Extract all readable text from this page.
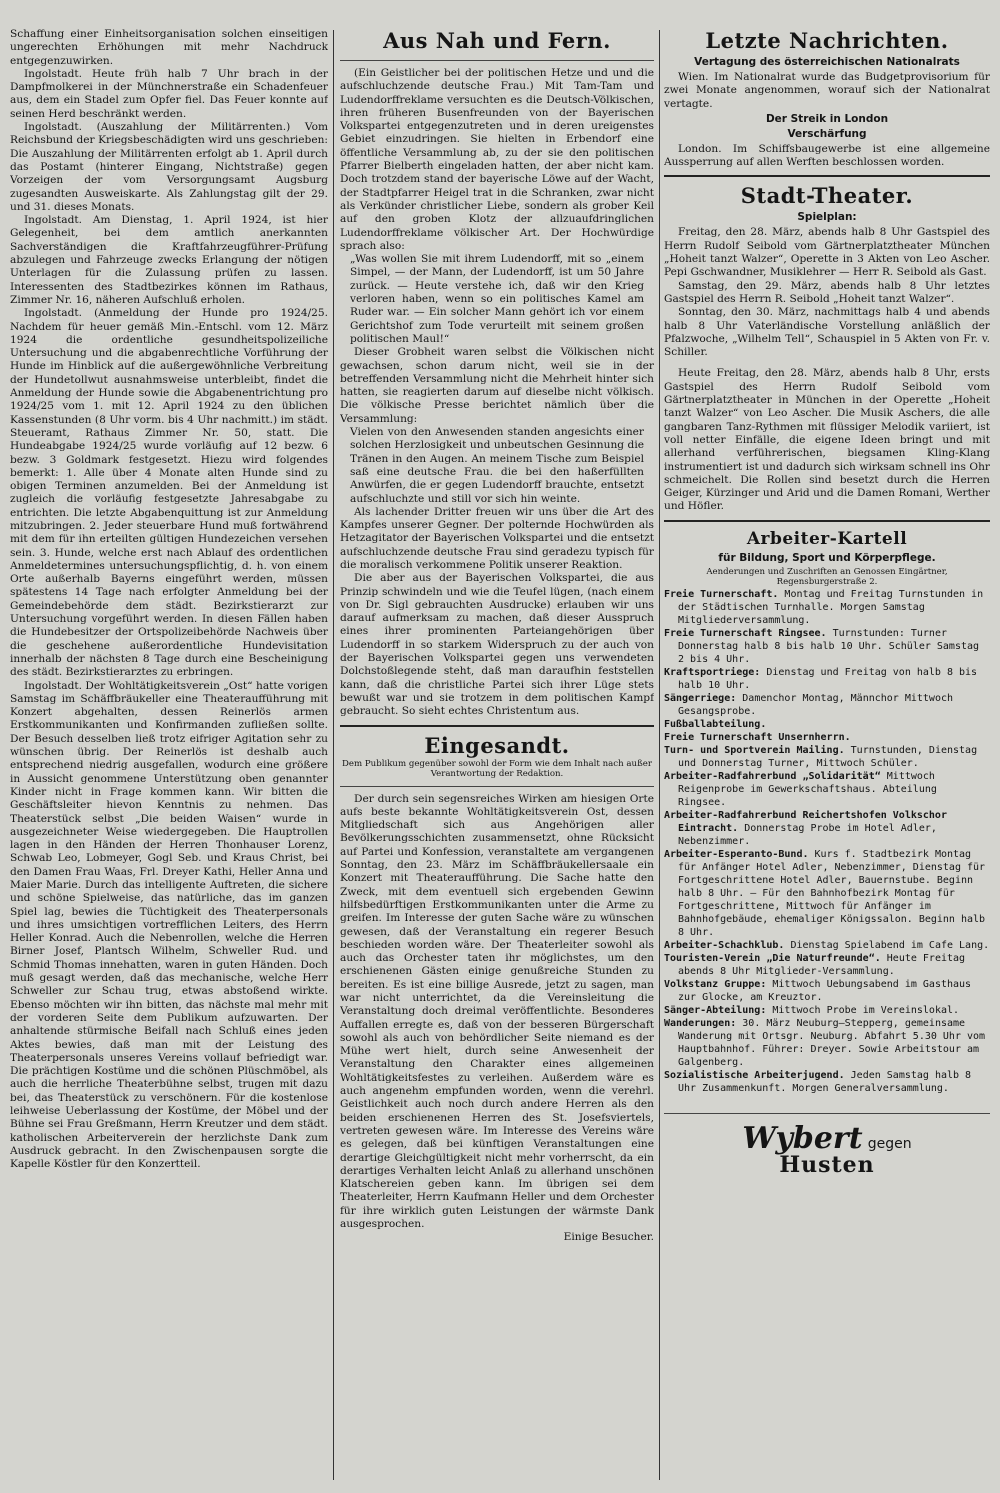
Schaffung einer Einheitsorganisation solchen einseitigen ungerechten Erhöhungen mit mehr Nachdruck entgegenzuwirken.

Ingolstadt. Heute früh halb 7 Uhr brach in der Dampfmolkerei in der Münchnerstraße ein Schadenfeuer aus, dem ein Stadel zum Opfer fiel. Das Feuer konnte auf seinen Herd beschränkt werden.

Ingolstadt. (Auszahlung der Militärrenten.) Vom Reichsbund der Kriegsbeschädigten wird uns geschrieben: Die Auszahlung der Militärrenten erfolgt ab 1. April durch das Postamt (hinterer Eingang, Nichtstraße) gegen Vorzeigen der vom Versorgungsamt Augsburg zugesandten Ausweiskarte. Als Zahlungstag gilt der 29. und 31. dieses Monats.

Ingolstadt. Am Dienstag, 1. April 1924, ist hier Gelegenheit, bei dem amtlich anerkannten Sachverständigen die Kraftfahrzeugführer-Prüfung abzulegen und Fahrzeuge zwecks Erlangung der nötigen Unterlagen für die Zulassung prüfen zu lassen. Interessenten des Stadtbezirkes können im Rathaus, Zimmer Nr. 16, näheren Aufschluß erholen.

Ingolstadt. (Anmeldung der Hunde pro 1924/25. Nachdem für heuer gemäß Min.-Entschl. vom 12. März 1924 die ordentliche gesundheitspolizeiliche Untersuchung und die abgabenrechtliche Vorführung der Hunde im Hinblick auf die außergewöhnliche Verbreitung der Hundetollwut ausnahmsweise unterbleibt, findet die Anmeldung der Hunde sowie die Abgabenentrichtung pro 1924/25 vom 1. mit 12. April 1924 zu den üblichen Kassenstunden (8 Uhr vorm. bis 4 Uhr nachmitt.) im städt. Steueramt, Rathaus Zimmer Nr. 50, statt. Die Hundeabgabe 1924/25 wurde vorläufig auf 12 bezw. 6 bezw. 3 Goldmark festgesetzt. Hiezu wird folgendes bemerkt: 1. Alle über 4 Monate alten Hunde sind zu obigen Terminen anzumelden. Bei der Anmeldung ist zugleich die vorläufig festgesetzte Jahresabgabe zu entrichten. Die letzte Abgabenquittung ist zur Anmeldung mitzubringen. 2. Jeder steuerbare Hund muß fortwährend mit dem für ihn erteilten gültigen Hundezeichen versehen sein. 3. Hunde, welche erst nach Ablauf des ordentlichen Anmeldetermines untersuchungspflichtig, d. h. von einem Orte außerhalb Bayerns eingeführt werden, müssen spätestens 14 Tage nach erfolgter Anmeldung bei der Gemeindebehörde dem städt. Bezirkstierarzt zur Untersuchung vorgeführt werden. In diesen Fällen haben die Hundebesitzer der Ortspolizeibehörde Nachweis über die geschehene außerordentliche Hundevisitation innerhalb der nächsten 8 Tage durch eine Bescheinigung des städt. Bezirkstierarztes zu erbringen.

Ingolstadt. Der Wohltätigkeitsverein „Ost“ hatte vorigen Samstag im Schäffbräukeller eine Theateraufführung mit Konzert abgehalten, dessen Reinerlös armen Erstkommunikanten und Konfirmanden zufließen sollte. Der Besuch desselben ließ trotz eifriger Agitation sehr zu wünschen übrig. Der Reinerlös ist deshalb auch entsprechend niedrig ausgefallen, wodurch eine größere in Aussicht genommene Unterstützung oben genannter Kinder nicht in Frage kommen kann. Wir bitten die Geschäftsleiter hievon Kenntnis zu nehmen. Das Theaterstück selbst „Die beiden Waisen“ wurde in ausgezeichneter Weise wiedergegeben. Die Hauptrollen lagen in den Händen der Herren Thonhauser Lorenz, Schwab Leo, Lobmeyer, Gogl Seb. und Kraus Christ, bei den Damen Frau Waas, Frl. Dreyer Kathi, Heller Anna und Maier Marie. Durch das intelligente Auftreten, die sichere und schöne Spielweise, das natürliche, das im ganzen Spiel lag, bewies die Tüchtigkeit des Theaterpersonals und ihres umsichtigen vortrefflichen Leiters, des Herrn Heller Konrad. Auch die Nebenrollen, welche die Herren Birner Josef, Plantsch Wilhelm, Schweller Rud. und Schmid Thomas innehatten, waren in guten Händen. Doch muß gesagt werden, daß das mechanische, welche Herr Schweller zur Schau trug, etwas abstoßend wirkte. Ebenso möchten wir ihn bitten, das nächste mal mehr mit der vorderen Seite dem Publikum aufzuwarten. Der anhaltende stürmische Beifall nach Schluß eines jeden Aktes bewies, daß man mit der Leistung des Theaterpersonals unseres Vereins vollauf befriedigt war. Die prächtigen Kostüme und die schönen Plüschmöbel, als auch die herrliche Theaterbühne selbst, trugen mit dazu bei, das Theaterstück zu verschönern. Für die kostenlose leihweise Ueberlassung der Kostüme, der Möbel und der Bühne sei Frau Greßmann, Herrn Kreutzer und dem städt. katholischen Arbeiterverein der herzlichste Dank zum Ausdruck gebracht. In den Zwischenpausen sorgte die Kapelle Köstler für den Konzertteil.

Aus Nah und Fern.

(Ein Geistlicher bei der politischen Hetze und und die aufschluchzende deutsche Frau.) Mit Tam-Tam und Ludendorffreklame versuchten es die Deutsch-Völkischen, ihren früheren Busenfreunden von der Bayerischen Volkspartei entgegenzutreten und in deren ureigenstes Gebiet einzudringen. Sie hielten in Erbendorf eine öffentliche Versammlung ab, zu der sie den politischen Pfarrer Bielberth eingeladen hatten, der aber nicht kam. Doch trotzdem stand der bayerische Löwe auf der Wacht, der Stadtpfarrer Heigel trat in die Schranken, zwar nicht als Verkünder christlicher Liebe, sondern als grober Keil auf den groben Klotz der allzuaufdringlichen Ludendorffreklame völkischer Art. Der Hochwürdige sprach also:

„Was wollen Sie mit ihrem Ludendorff, mit so „einem Simpel, — der Mann, der Ludendorff, ist um 50 Jahre zurück. — Heute verstehe ich, daß wir den Krieg verloren haben, wenn so ein politisches Kamel am Ruder war. — Ein solcher Mann gehört ich vor einem Gerichtshof zum Tode verurteilt mit seinem großen politischen Maul!“

Dieser Grobheit waren selbst die Völkischen nicht gewachsen, schon darum nicht, weil sie in der betreffenden Versammlung nicht die Mehrheit hinter sich hatten, sie reagierten darum auf dieselbe nicht völkisch. Die völkische Presse berichtet nämlich über die Versammlung:

Vielen von den Anwesenden standen angesichts einer solchen Herzlosigkeit und unbeutschen Gesinnung die Tränen in den Augen. An meinem Tische zum Beispiel saß eine deutsche Frau. die bei den haßerfüllten Anwürfen, die er gegen Ludendorff brauchte, entsetzt aufschluchzte und still vor sich hin weinte.

Als lachender Dritter freuen wir uns über die Art des Kampfes unserer Gegner. Der polternde Hochwürden als Hetzagitator der Bayerischen Volkspartei und die entsetzt aufschluchzende deutsche Frau sind geradezu typisch für die moralisch verkommene Politik unserer Reaktion.

Die aber aus der Bayerischen Volkspartei, die aus Prinzip schwindeln und wie die Teufel lügen, (nach einem von Dr. Sigl gebrauchten Ausdrucke) erlauben wir uns darauf aufmerksam zu machen, daß dieser Ausspruch eines ihrer prominenten Parteiangehörigen über Ludendorff in so starkem Widerspruch zu der auch von der Bayerischen Volkspartei gegen uns verwendeten Dolchstoßlegende steht, daß man daraufhin feststellen kann, daß die christliche Partei sich ihrer Lüge stets bewußt war und sie trotzem in dem politischen Kampf gebraucht. So sieht echtes Christentum aus.

Eingesandt.

Dem Publikum gegenüber sowohl der Form wie dem Inhalt nach außer Verantwortung der Redaktion.

Der durch sein segensreiches Wirken am hiesigen Orte aufs beste bekannte Wohltätigkeitsverein Ost, dessen Mitgliedschaft sich aus Angehörigen aller Bevölkerungsschichten zusammensetzt, ohne Rücksicht auf Partei und Konfession, veranstaltete am vergangenen Sonntag, den 23. März im Schäffbräukellersaale ein Konzert mit Theateraufführung. Die Sache hatte den Zweck, mit dem eventuell sich ergebenden Gewinn hilfsbedürftigen Erstkommunikanten unter die Arme zu greifen. Im Interesse der guten Sache wäre zu wünschen gewesen, daß der Veranstaltung ein regerer Besuch beschieden worden wäre. Der Theaterleiter sowohl als auch das Orchester taten ihr möglichstes, um den erschienenen Gästen einige genußreiche Stunden zu bereiten. Es ist eine billige Ausrede, jetzt zu sagen, man war nicht unterrichtet, da die Vereinsleitung die Veranstaltung doch dreimal veröffentlichte. Besonderes Auffallen erregte es, daß von der besseren Bürgerschaft sowohl als auch von behördlicher Seite niemand es der Mühe wert hielt, durch seine Anwesenheit der Veranstaltung den Charakter eines allgemeinen Wohltätigkeitsfestes zu verleihen. Außerdem wäre es auch angenehm empfunden worden, wenn die verehrl. Geistlichkeit auch noch durch andere Herren als den beiden erschienenen Herren des St. Josefsviertels, vertreten gewesen wäre. Im Interesse des Vereins wäre es gelegen, daß bei künftigen Veranstaltungen eine derartige Gleichgültigkeit nicht mehr vorherrscht, da ein derartiges Verhalten leicht Anlaß zu allerhand unschönen Klatschereien geben kann. Im übrigen sei dem Theaterleiter, Herrn Kaufmann Heller und dem Orchester für ihre wirklich guten Leistungen der wärmste Dank ausgesprochen.

Einige Besucher.

Letzte Nachrichten.
Vertagung des österreichischen Nationalrats

Wien. Im Nationalrat wurde das Budgetprovisorium für zwei Monate angenommen, worauf sich der Nationalrat vertagte.

Der Streik in London
Verschärfung

London. Im Schiffsbaugewerbe ist eine allgemeine Aussperrung auf allen Werften beschlossen worden.

Stadt-Theater.
Spielplan:

Freitag, den 28. März, abends halb 8 Uhr Gastspiel des Herrn Rudolf Seibold vom Gärtnerplatztheater München „Hoheit tanzt Walzer“, Operette in 3 Akten von Leo Ascher. Pepi Gschwandner, Musiklehrer — Herr R. Seibold als Gast.

Samstag, den 29. März, abends halb 8 Uhr letztes Gastspiel des Herrn R. Seibold „Hoheit tanzt Walzer“.

Sonntag, den 30. März, nachmittags halb 4 und abends halb 8 Uhr Vaterländische Vorstellung anläßlich der Pfalzwoche, „Wilhelm Tell“, Schauspiel in 5 Akten von Fr. v. Schiller.

Heute Freitag, den 28. März, abends halb 8 Uhr, ersts Gastspiel des Herrn Rudolf Seibold vom Gärtnerplatztheater in München in der Operette „Hoheit tanzt Walzer“ von Leo Ascher. Die Musik Aschers, die alle gangbaren Tanz-Rythmen mit flüssiger Melodik variiert, ist voll netter Einfälle, die eigene Ideen bringt und mit allerhand verführerischen, biegsamen Kling-Klang instrumentiert ist und dadurch sich wirksam schnell ins Ohr schmeichelt. Die Rollen sind besetzt durch die Herren Geiger, Kürzinger und Arid und die Damen Romani, Werther und Höfler.

Arbeiter-Kartell
für Bildung, Sport und Körperpflege.

Aenderungen und Zuschriften an Genossen Eingärtner, Regensburgerstraße 2.

Freie Turnerschaft. Montag und Freitag Turnstunden in der Städtischen Turnhalle. Morgen Samstag Mitgliederversammlung.

Freie Turnerschaft Ringsee. Turnstunden: Turner Donnerstag halb 8 bis halb 10 Uhr. Schüler Samstag 2 bis 4 Uhr.

Kraftsportriege: Dienstag und Freitag von halb 8 bis halb 10 Uhr.

Sängerriege: Damenchor Montag, Männchor Mittwoch Gesangsprobe.

Fußballabteilung.

Freie Turnerschaft Unsernherrn.

Turn- und Sportverein Mailing. Turnstunden, Dienstag und Donnerstag Turner, Mittwoch Schüler.

Arbeiter-Radfahrerbund „Solidarität“ Mittwoch Reigenprobe im Gewerkschaftshaus. Abteilung Ringsee.

Arbeiter-Radfahrerbund Reichertshofen Volkschor Eintracht. Donnerstag Probe im Hotel Adler, Nebenzimmer.

Arbeiter-Esperanto-Bund. Kurs f. Stadtbezirk Montag für Anfänger Hotel Adler, Nebenzimmer, Dienstag für Fortgeschrittene Hotel Adler, Bauernstube. Beginn halb 8 Uhr. — Für den Bahnhofbezirk Montag für Fortgeschrittene, Mittwoch für Anfänger im Bahnhofgebäude, ehemaliger Königssalon. Beginn halb 8 Uhr.

Arbeiter-Schachklub. Dienstag Spielabend im Cafe Lang.

Touristen-Verein „Die Naturfreunde“. Heute Freitag abends 8 Uhr Mitglieder-Versammlung.

Volkstanz Gruppe: Mittwoch Uebungsabend im Gasthaus zur Glocke, am Kreuztor.

Sänger-Abteilung: Mittwoch Probe im Vereinslokal.

Wanderungen: 30. März Neuburg—Stepperg, gemeinsame Wanderung mit Ortsgr. Neuburg. Abfahrt 5.30 Uhr vom Hauptbahnhof. Führer: Dreyer. Sowie Arbeitstour am Galgenberg.

Sozialistische Arbeiterjugend. Jeden Samstag halb 8 Uhr Zusammenkunft. Morgen Generalversammlung.

Wybert gegen
Husten
